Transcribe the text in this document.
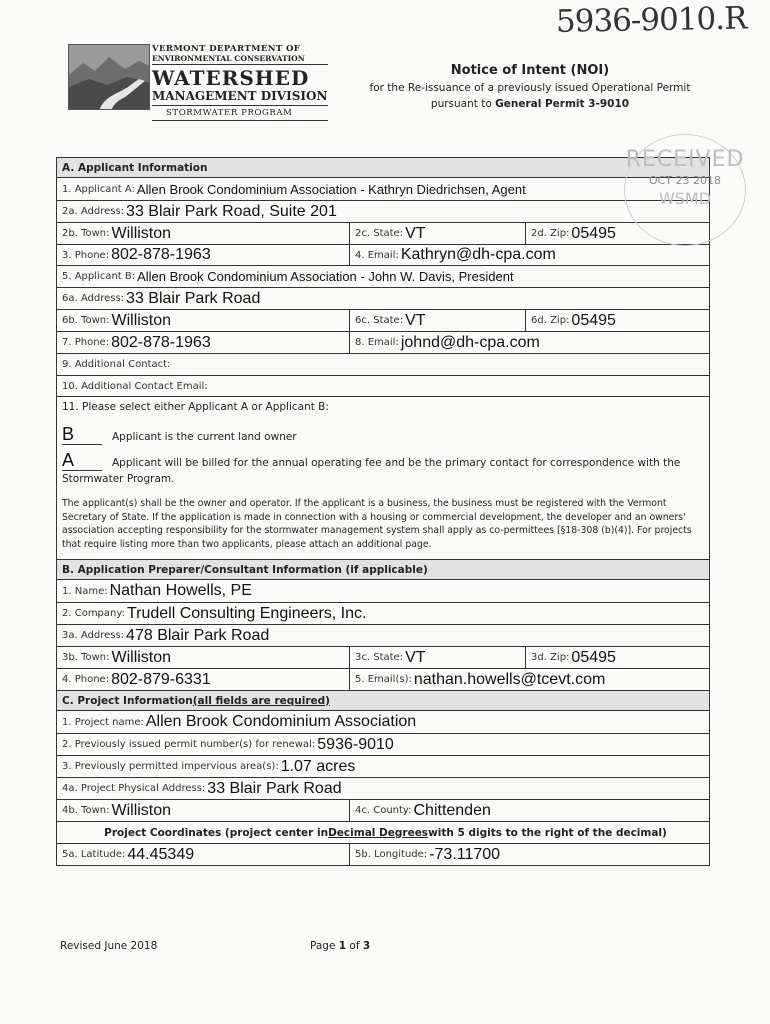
5936-9010.R
VERMONT DEPARTMENT OF
ENVIRONMENTAL CONSERVATION
WATERSHED
MANAGEMENT DIVISION
STORMWATER PROGRAM
Notice of Intent (NOI)
for the Re-issuance of a previously issued Operational Permit
pursuant to General Permit 3-9010
RECEIVED
OCT 23 2018
WSMD
A. Applicant Information
1. Applicant A: Allen Brook Condominium Association - Kathryn Diedrichsen, Agent
2a. Address: 33 Blair Park Road, Suite 201
2b. Town: Williston	2c. State: VT	2d. Zip: 05495
3. Phone: 802-878-1963	4. Email: Kathryn@dh-cpa.com
5. Applicant B: Allen Brook Condominium Association - John W. Davis, President
6a. Address: 33 Blair Park Road
6b. Town: Williston	6c. State: VT	6d. Zip: 05495
7. Phone: 802-878-1963	8. Email: johnd@dh-cpa.com
9. Additional Contact:
10. Additional Contact Email:
11. Please select either Applicant A or Applicant B:
B	Applicant is the current land owner
A	Applicant will be billed for the annual operating fee and be the primary contact for correspondence with the
Stormwater Program.
The applicant(s) shall be the owner and operator. If the applicant is a business, the business must be registered with the Vermont Secretary of State. If the application is made in connection with a housing or commercial development, the developer and an owners' association accepting responsibility for the stormwater management system shall apply as co-permittees [§18-308 (b)(4)]. For projects that require listing more than two applicants, please attach an additional page.
B. Application Preparer/Consultant Information (if applicable)
1. Name: Nathan Howells, PE
2. Company: Trudell Consulting Engineers, Inc.
3a. Address: 478 Blair Park Road
3b. Town: Williston	3c. State: VT	3d. Zip: 05495
4. Phone: 802-879-6331	5. Email(s): nathan.howells@tcevt.com
C. Project Information (all fields are required)
1. Project name: Allen Brook Condominium Association
2. Previously issued permit number(s) for renewal: 5936-9010
3. Previously permitted impervious area(s): 1.07 acres
4a. Project Physical Address: 33 Blair Park Road
4b. Town: Williston	4c. County: Chittenden
Project Coordinates (project center in Decimal Degrees with 5 digits to the right of the decimal)
5a. Latitude: 44.45349	5b. Longitude: -73.11700
Revised June 2018	Page 1 of 3
